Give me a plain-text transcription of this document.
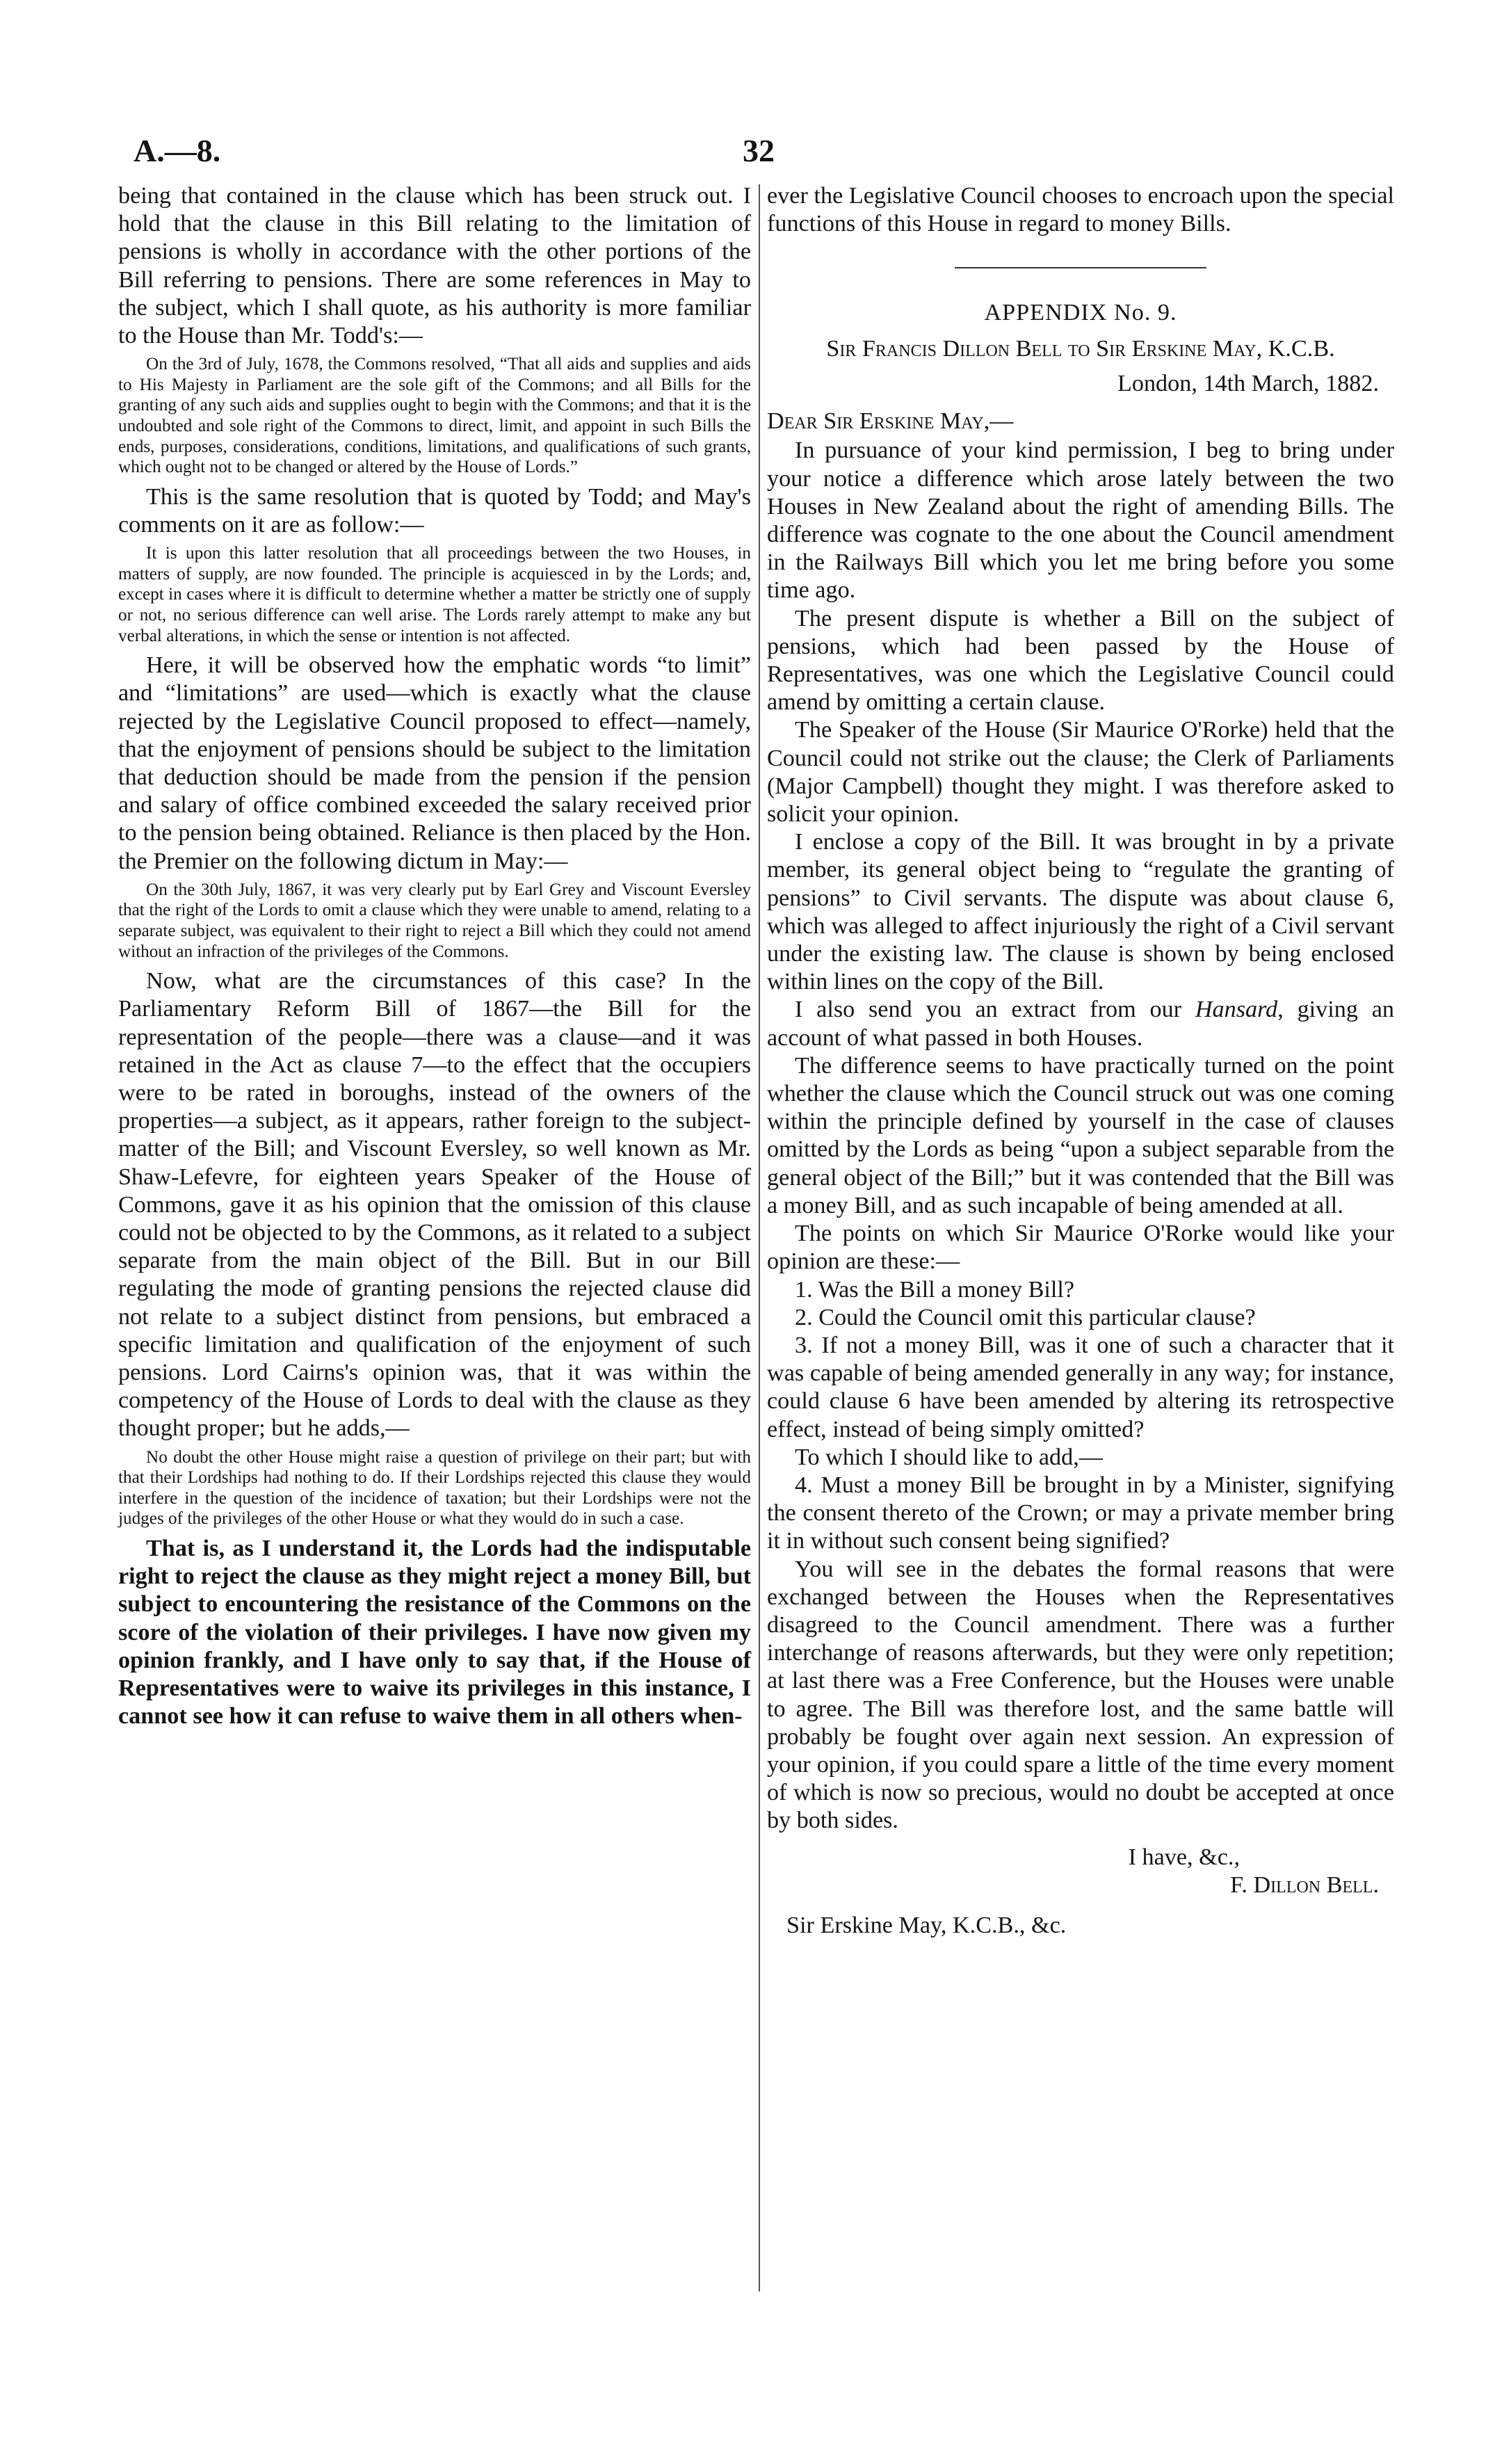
A.—8.	32

being that contained in the clause which has been struck out. I hold that the clause in this Bill relating to the limitation of pensions is wholly in accordance with the other portions of the Bill referring to pensions. There are some references in May to the subject, which I shall quote, as his authority is more familiar to the House than Mr. Todd's:—

On the 3rd of July, 1678, the Commons resolved, “That all aids and supplies and aids to His Majesty in Parliament are the sole gift of the Commons; and all Bills for the granting of any such aids and supplies ought to begin with the Commons; and that it is the undoubted and sole right of the Commons to direct, limit, and appoint in such Bills the ends, purposes, considerations, conditions, limitations, and qualifications of such grants, which ought not to be changed or altered by the House of Lords.”

This is the same resolution that is quoted by Todd; and May's comments on it are as follow:—

It is upon this latter resolution that all proceedings between the two Houses, in matters of supply, are now founded. The principle is acquiesced in by the Lords; and, except in cases where it is difficult to determine whether a matter be strictly one of supply or not, no serious difference can well arise. The Lords rarely attempt to make any but verbal alterations, in which the sense or intention is not affected.

Here, it will be observed how the emphatic words “to limit” and “limitations” are used—which is exactly what the clause rejected by the Legislative Council proposed to effect—namely, that the enjoyment of pensions should be subject to the limitation that deduction should be made from the pension if the pension and salary of office combined exceeded the salary received prior to the pension being obtained. Reliance is then placed by the Hon. the Premier on the following dictum in May:—

On the 30th July, 1867, it was very clearly put by Earl Grey and Viscount Eversley that the right of the Lords to omit a clause which they were unable to amend, relating to a separate subject, was equivalent to their right to reject a Bill which they could not amend without an infraction of the privileges of the Commons.

Now, what are the circumstances of this case? In the Parliamentary Reform Bill of 1867—the Bill for the representation of the people—there was a clause—and it was retained in the Act as clause 7—to the effect that the occupiers were to be rated in boroughs, instead of the owners of the properties—a subject, as it appears, rather foreign to the subject-matter of the Bill; and Viscount Eversley, so well known as Mr. Shaw-Lefevre, for eighteen years Speaker of the House of Commons, gave it as his opinion that the omission of this clause could not be objected to by the Commons, as it related to a subject separate from the main object of the Bill. But in our Bill regulating the mode of granting pensions the rejected clause did not relate to a subject distinct from pensions, but embraced a specific limitation and qualification of the enjoyment of such pensions. Lord Cairns's opinion was, that it was within the competency of the House of Lords to deal with the clause as they thought proper; but he adds,—

No doubt the other House might raise a question of privilege on their part; but with that their Lordships had nothing to do. If their Lordships rejected this clause they would interfere in the question of the incidence of taxation; but their Lordships were not the judges of the privileges of the other House or what they would do in such a case.

That is, as I understand it, the Lords had the indisputable right to reject the clause as they might reject a money Bill, but subject to encountering the resistance of the Commons on the score of the violation of their privileges. I have now given my opinion frankly, and I have only to say that, if the House of Representatives were to waive its privileges in this instance, I cannot see how it can refuse to waive them in all others when-

ever the Legislative Council chooses to encroach upon the special functions of this House in regard to money Bills.

APPENDIX No. 9.
Sir Francis Dillon Bell to Sir Erskine May, K.C.B.
London, 14th March, 1882.
Dear Sir Erskine May,—

In pursuance of your kind permission, I beg to bring under your notice a difference which arose lately between the two Houses in New Zealand about the right of amending Bills. The difference was cognate to the one about the Council amendment in the Railways Bill which you let me bring before you some time ago.

The present dispute is whether a Bill on the subject of pensions, which had been passed by the House of Representatives, was one which the Legislative Council could amend by omitting a certain clause.

The Speaker of the House (Sir Maurice O'Rorke) held that the Council could not strike out the clause; the Clerk of Parliaments (Major Campbell) thought they might. I was therefore asked to solicit your opinion.

I enclose a copy of the Bill. It was brought in by a private member, its general object being to “regulate the granting of pensions” to Civil servants. The dispute was about clause 6, which was alleged to affect injuriously the right of a Civil servant under the existing law. The clause is shown by being enclosed within lines on the copy of the Bill.

I also send you an extract from our Hansard, giving an account of what passed in both Houses.

The difference seems to have practically turned on the point whether the clause which the Council struck out was one coming within the principle defined by yourself in the case of clauses omitted by the Lords as being “upon a subject separable from the general object of the Bill;” but it was contended that the Bill was a money Bill, and as such incapable of being amended at all.

The points on which Sir Maurice O'Rorke would like your opinion are these:—

1. Was the Bill a money Bill?

2. Could the Council omit this particular clause?

3. If not a money Bill, was it one of such a character that it was capable of being amended generally in any way; for instance, could clause 6 have been amended by altering its retrospective effect, instead of being simply omitted?

To which I should like to add,—

4. Must a money Bill be brought in by a Minister, signifying the consent thereto of the Crown; or may a private member bring it in without such consent being signified?

You will see in the debates the formal reasons that were exchanged between the Houses when the Representatives disagreed to the Council amendment. There was a further interchange of reasons afterwards, but they were only repetition; at last there was a Free Conference, but the Houses were unable to agree. The Bill was therefore lost, and the same battle will probably be fought over again next session. An expression of your opinion, if you could spare a little of the time every moment of which is now so precious, would no doubt be accepted at once by both sides.

I have, &c.,
F. Dillon Bell.
Sir Erskine May, K.C.B., &c.
